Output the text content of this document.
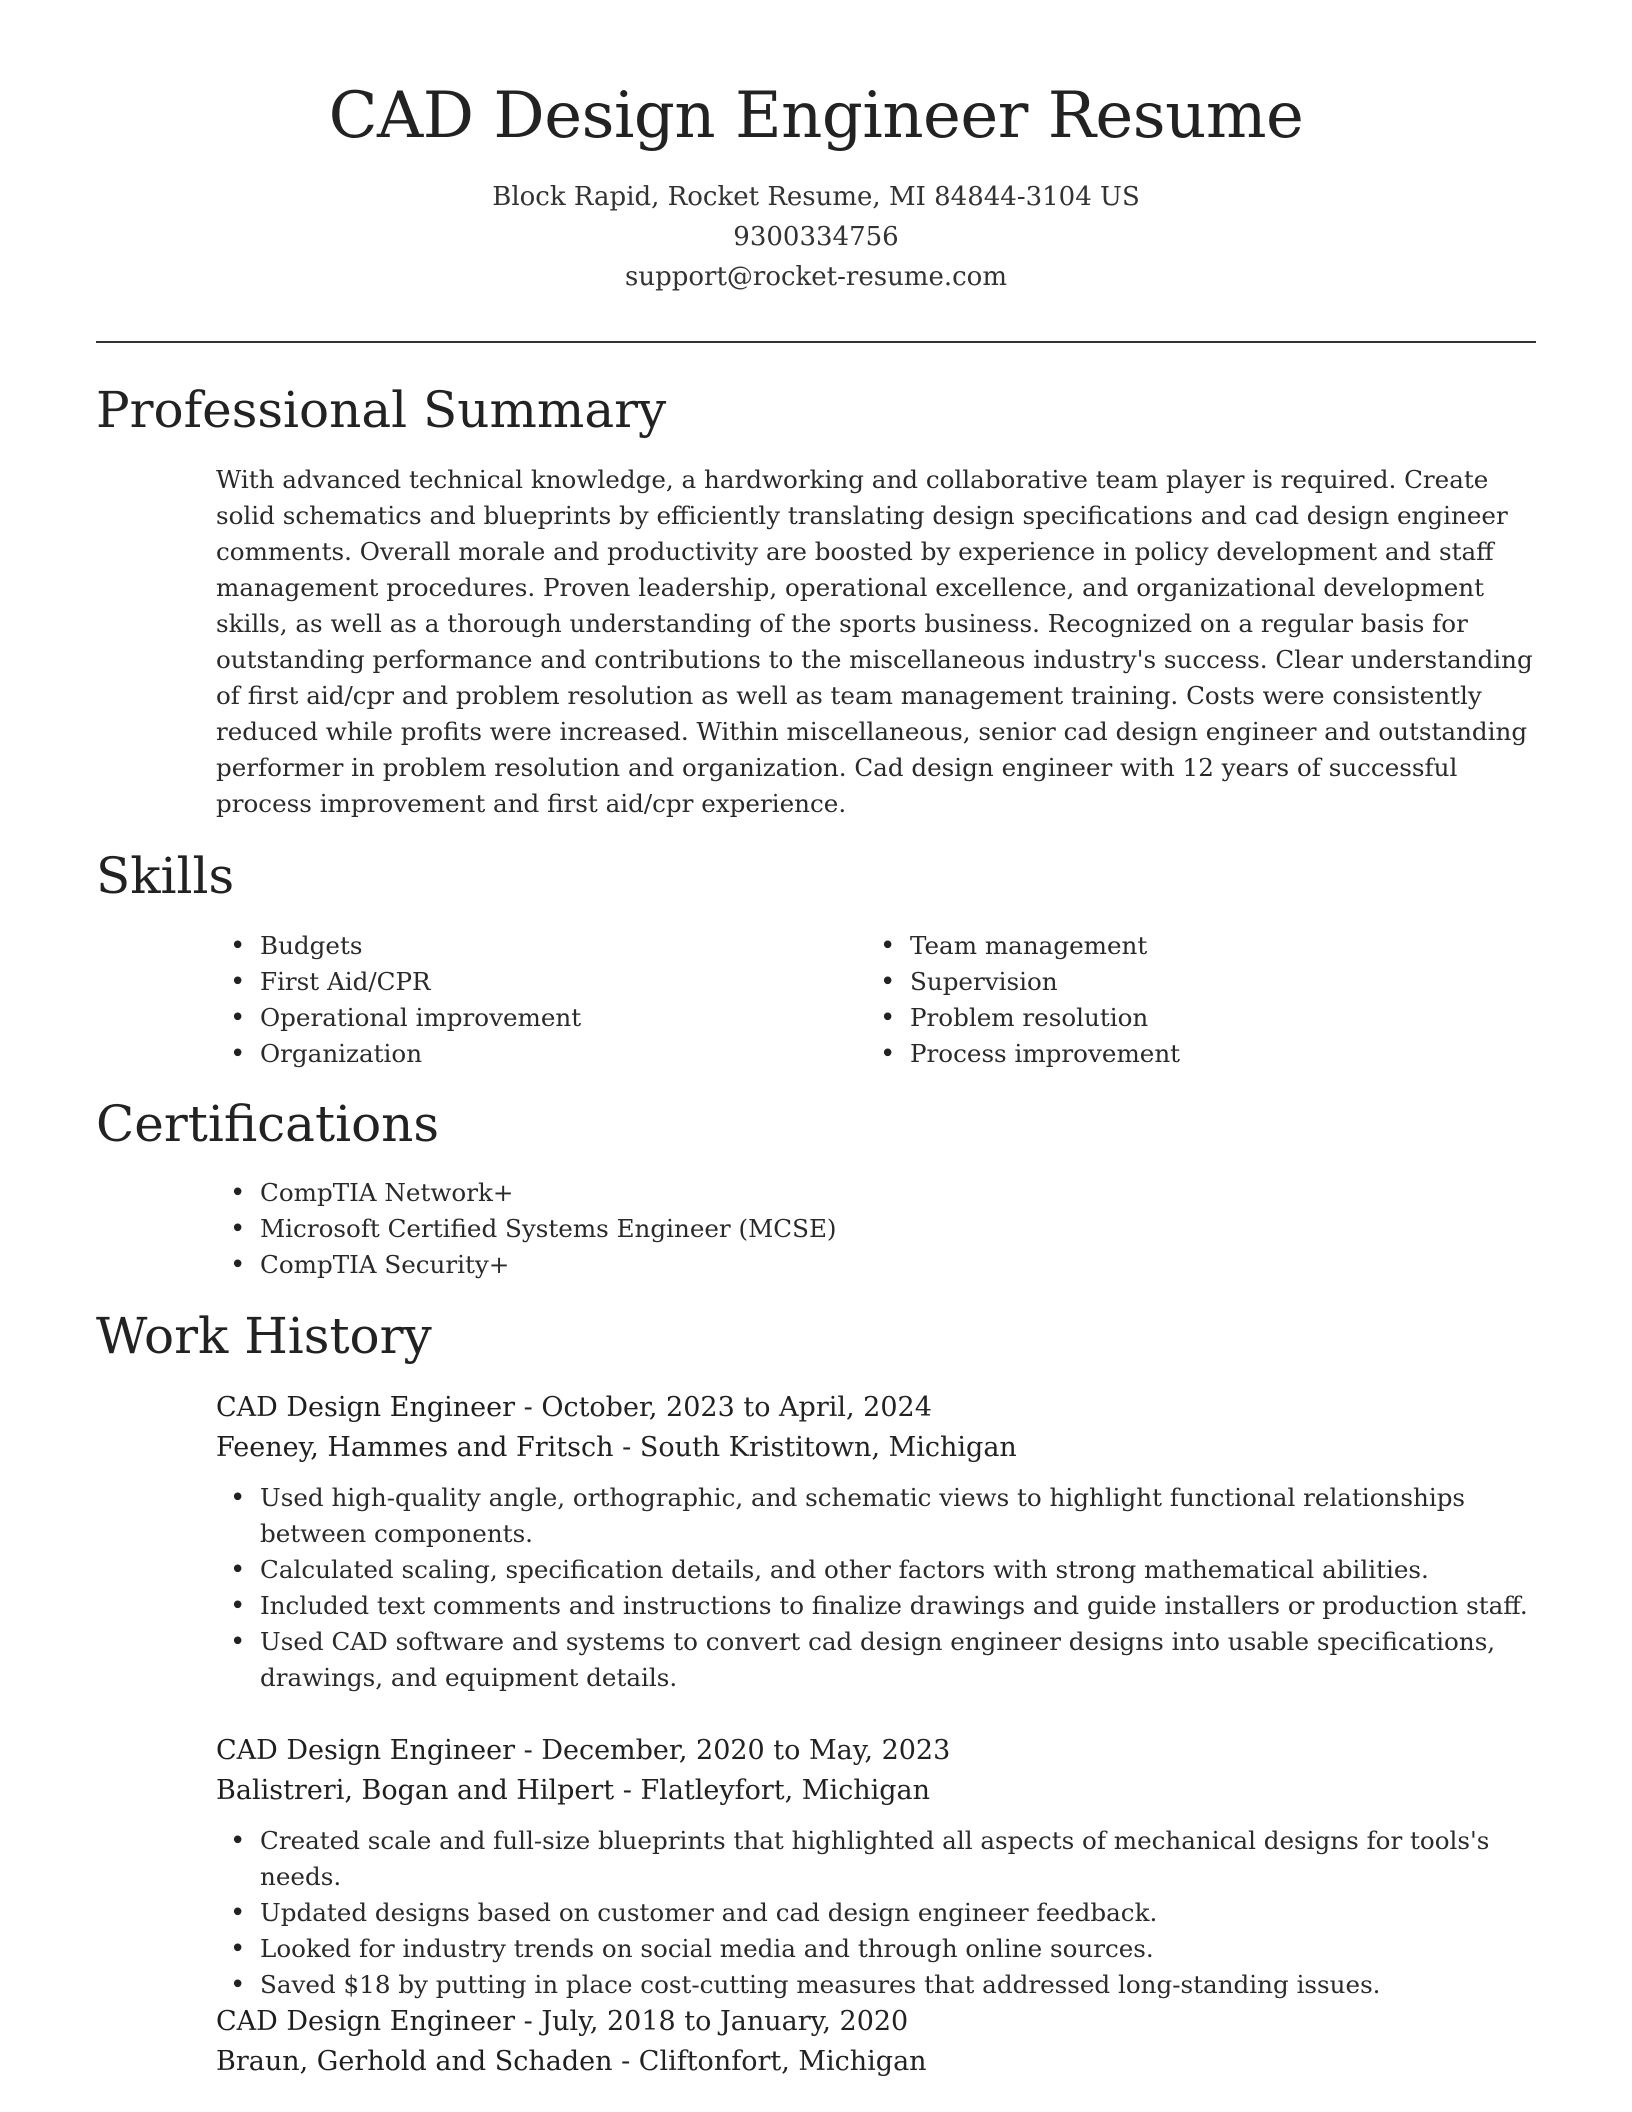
CAD Design Engineer Resume
Block Rapid, Rocket Resume, MI 84844-3104 US
9300334756
support@rocket-resume.com
Professional Summary

With advanced technical knowledge, a hardworking and collaborative team player is required. Create solid schematics and blueprints by efficiently translating design specifications and cad design engineer comments. Overall morale and productivity are boosted by experience in policy development and staff management procedures. Proven leadership, operational excellence, and organizational development skills, as well as a thorough understanding of the sports business. Recognized on a regular basis for outstanding performance and contributions to the miscellaneous industry's success. Clear understanding of first aid/cpr and problem resolution as well as team management training. Costs were consistently reduced while profits were increased. Within miscellaneous, senior cad design engineer and outstanding performer in problem resolution and organization. Cad design engineer with 12 years of successful process improvement and first aid/cpr experience.

Skills
• Budgets
• First Aid/CPR
• Operational improvement
• Organization
• Team management
• Supervision
• Problem resolution
• Process improvement
Certifications
• CompTIA Network+
• Microsoft Certified Systems Engineer (MCSE)
• CompTIA Security+
Work History
CAD Design Engineer - October, 2023 to April, 2024
Feeney, Hammes and Fritsch - South Kristitown, Michigan
• Used high-quality angle, orthographic, and schematic views to highlight functional relationships between components.
• Calculated scaling, specification details, and other factors with strong mathematical abilities.
• Included text comments and instructions to finalize drawings and guide installers or production staff.
• Used CAD software and systems to convert cad design engineer designs into usable specifications, drawings, and equipment details.
CAD Design Engineer - December, 2020 to May, 2023
Balistreri, Bogan and Hilpert - Flatleyfort, Michigan
• Created scale and full-size blueprints that highlighted all aspects of mechanical designs for tools's needs.
• Updated designs based on customer and cad design engineer feedback.
• Looked for industry trends on social media and through online sources.
• Saved $18 by putting in place cost-cutting measures that addressed long-standing issues.
CAD Design Engineer - July, 2018 to January, 2020
Braun, Gerhold and Schaden - Cliftonfort, Michigan
